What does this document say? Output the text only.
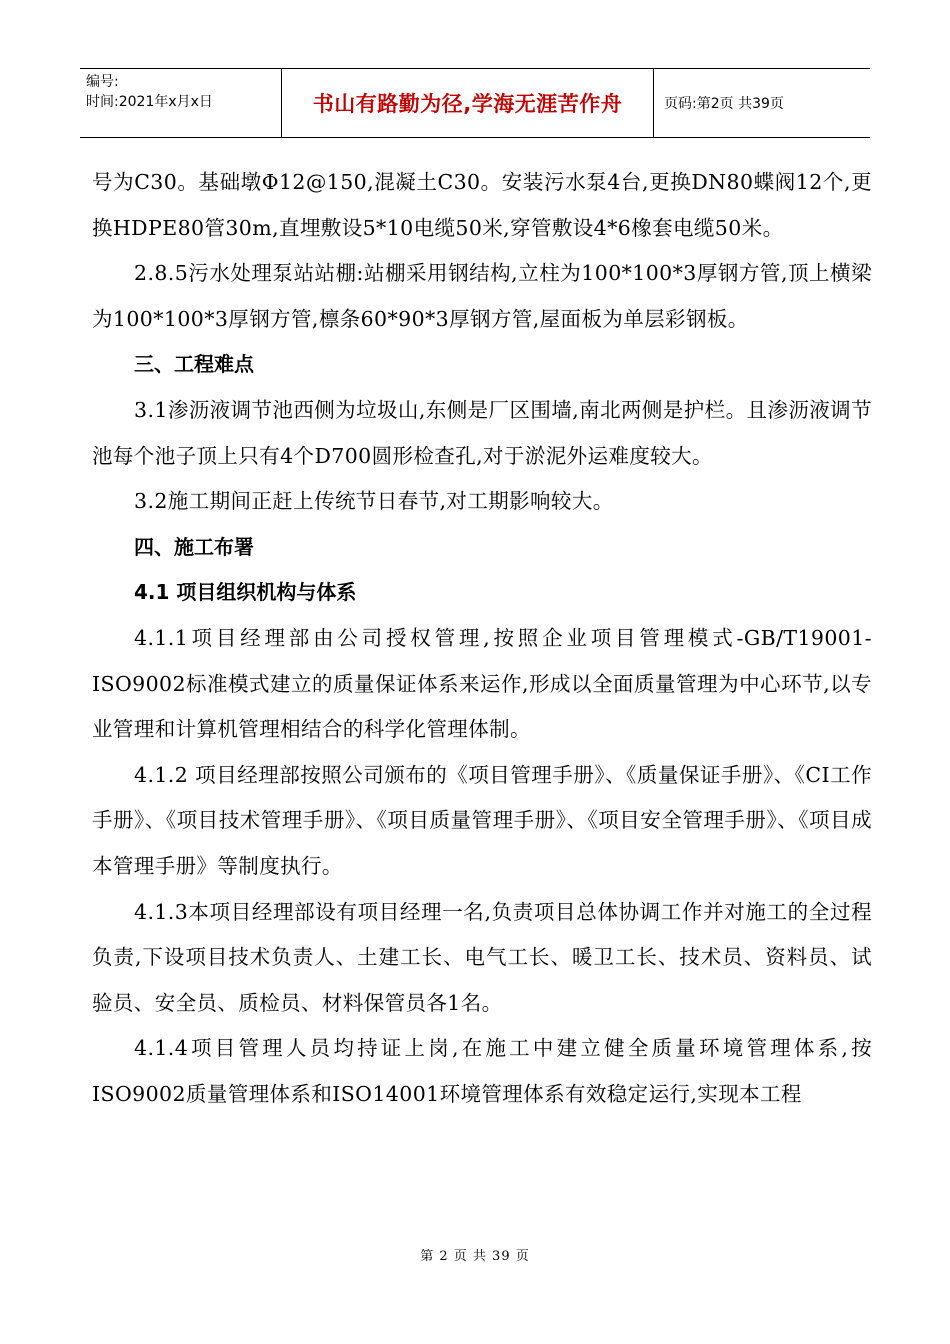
编号:
时间:2021年x月x日	书山有路勤为径,学海无涯苦作舟	页码:第2页 共39页

号为C30。基础墩Φ12@150,混凝土C30。安装污水泵4台,更换DN80蝶阀12个,更换HDPE80管30m,直埋敷设5*10电缆50米,穿管敷设4*6橡套电缆50米。

2.8.5污水处理泵站站棚:站棚采用钢结构,立柱为100*100*3厚钢方管,顶上横梁为100*100*3厚钢方管,檩条60*90*3厚钢方管,屋面板为单层彩钢板。

三、工程难点

3.1渗沥液调节池西侧为垃圾山,东侧是厂区围墙,南北两侧是护栏。且渗沥液调节池每个池子顶上只有4个D700圆形检查孔,对于淤泥外运难度较大。

3.2施工期间正赶上传统节日春节,对工期影响较大。

四、施工布署

4.1 项目组织机构与体系

4.1.1项目经理部由公司授权管理,按照企业项目管理模式-GB/T19001-ISO9002标准模式建立的质量保证体系来运作,形成以全面质量管理为中心环节,以专业管理和计算机管理相结合的科学化管理体制。

4.1.2 项目经理部按照公司颁布的《项目管理手册》、《质量保证手册》、《CI工作手册》、《项目技术管理手册》、《项目质量管理手册》、《项目安全管理手册》、《项目成本管理手册》等制度执行。

4.1.3本项目经理部设有项目经理一名,负责项目总体协调工作并对施工的全过程负责,下设项目技术负责人、土建工长、电气工长、暖卫工长、技术员、资料员、试验员、安全员、质检员、材料保管员各1名。

4.1.4项目管理人员均持证上岗,在施工中建立健全质量环境管理体系,按ISO9002质量管理体系和ISO14001环境管理体系有效稳定运行,实现本工程

第 2 页 共 39 页
